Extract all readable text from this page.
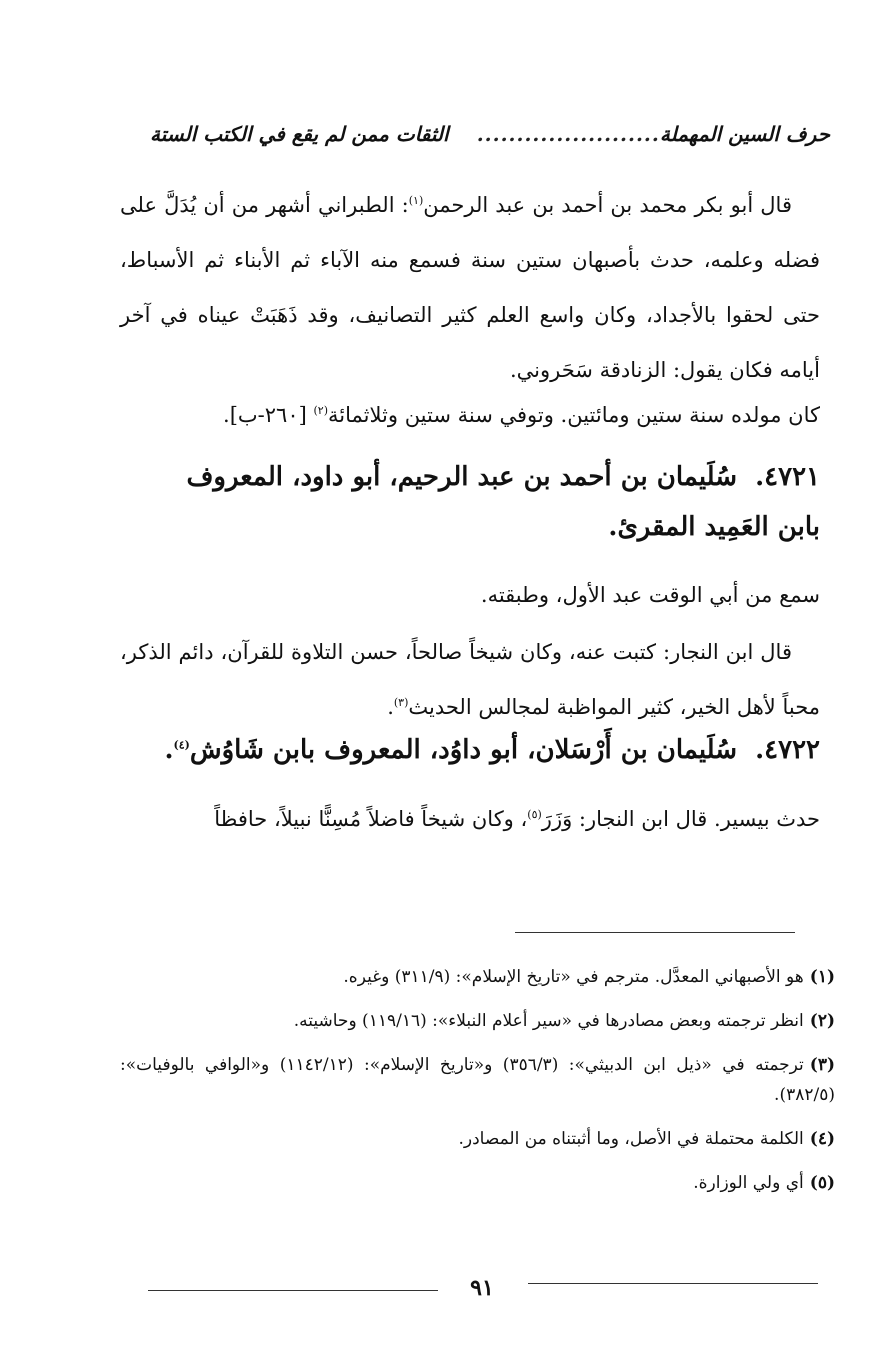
حرف السين المهملة
.......................
الثقات ممن لم يقع في الكتب الستة
قال أبو بكر محمد بن أحمد بن عبد الرحمن$^{(١)}$: الطبراني أشهر من أن يُدَلَّ على فضله وعلمه، حدث بأصبهان ستين سنة فسمع منه الآباء ثم الأبناء ثم الأسباط، حتى لحقوا بالأجداد، وكان واسع العلم كثير التصانيف، وقد ذَهَبَتْ عيناه في آخر أيامه فكان يقول: الزنادقة سَحَروني.
كان مولده سنة ستين ومائتين. وتوفي سنة ستين وثلاثمائة$^{(٢)}$ [٢٦٠-ب].
٤٧٢١.سُلَيمان بن أحمد بن عبد الرحيم، أبو داود، المعروف بابن العَمِيد المقرئ.
سمع من أبي الوقت عبد الأول، وطبقته.
قال ابن النجار: كتبت عنه، وكان شيخاً صالحاً، حسن التلاوة للقرآن، دائم الذكر، محباً لأهل الخير، كثير المواظبة لمجالس الحديث$^{(٣)}$.
٤٧٢٢.سُلَيمان بن أَرْسَلان، أبو داوُد، المعروف بابن شَاوُش$^{(٤)}$.
حدث بيسير. قال ابن النجار: وَزَرَ$^{(٥)}$، وكان شيخاً فاضلاً مُسِنًّا نبيلاً، حافظاً
(١)هو الأصبهاني المعدَّل. مترجم في «تاريخ الإسلام»: (٣١١/٩) وغيره.
(٢)انظر ترجمته وبعض مصادرها في «سير أعلام النبلاء»: (١١٩/١٦) وحاشيته.
(٣)ترجمته في «ذيل ابن الدبيثي»: (٣٥٦/٣) و«تاريخ الإسلام»: (١١٤٢/١٢) و«الوافي بالوفيات»: (٣٨٢/٥).
(٤)الكلمة محتملة في الأصل، وما أثبتناه من المصادر.
(٥)أي ولي الوزارة.
٩١
